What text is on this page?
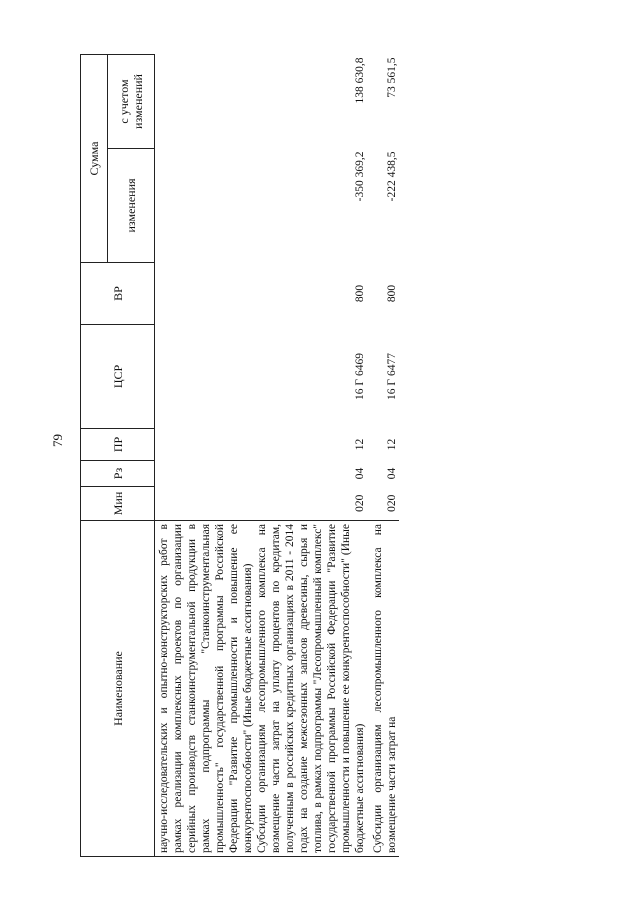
79
Наименование	Мин	Рз	ПР	ЦСР	ВР	Сумма	
						изменения	с учетом изменений
научно-исследовательских и опытно-конструкторских работ в рамках реализации комплексных проектов по организации серийных производств станкоинструментальной продукции в рамках подпрограммы "Станкоинструментальная промышленность" государственной программы Российской Федерации "Развитие промышленности и повышение ее конкурентоспособности" (Иные бюджетные ассигнования)							
Субсидии организациям лесопромышленного комплекса на возмещение части затрат на уплату процентов по кредитам, полученным в российских кредитных организациях в 2011 - 2014 годах на создание межсезонных запасов древесины, сырья и топлива, в рамках подпрограммы "Лесопромышленный комплекс" государственной программы Российской Федерации "Развитие промышленности и повышение ее конкурентоспособности" (Иные бюджетные ассигнования)	020	04	12	16 Г 6469	800	-350 369,2	138 630,8
Субсидии организациям лесопромышленного комплекса на возмещение части затрат на	020	04	12	16 Г 6477	800	-222 438,5	73 561,5
